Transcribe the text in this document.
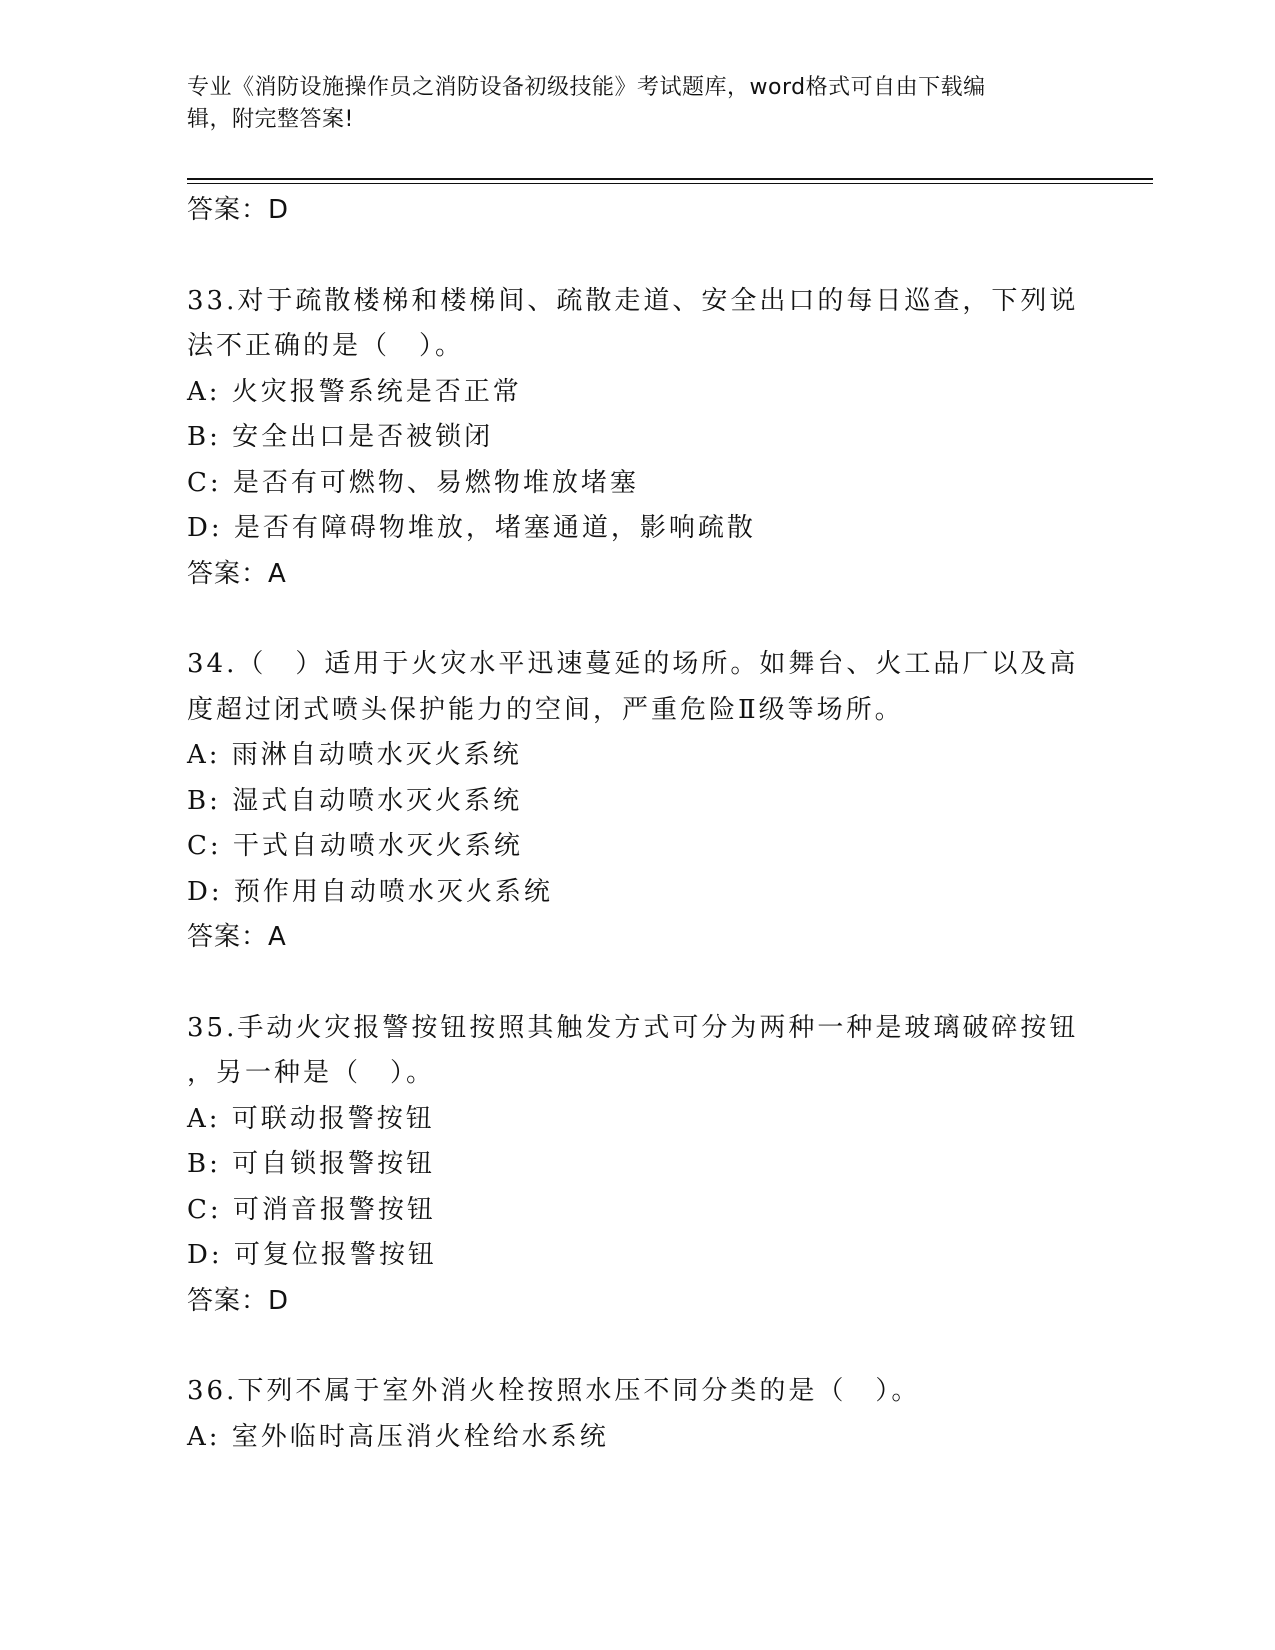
专业《消防设施操作员之消防设备初级技能》考试题库，word格式可自由下载编
辑，附完整答案!
答案：D
33.对于疏散楼梯和楼梯间、疏散走道、安全出口的每日巡查，下列说
法不正确的是（　）。
A: 火灾报警系统是否正常
B: 安全出口是否被锁闭
C: 是否有可燃物、易燃物堆放堵塞
D: 是否有障碍物堆放，堵塞通道，影响疏散
答案：A
34.（　）适用于火灾水平迅速蔓延的场所。如舞台、火工品厂以及高
度超过闭式喷头保护能力的空间，严重危险Ⅱ级等场所。
A: 雨淋自动喷水灭火系统
B: 湿式自动喷水灭火系统
C: 干式自动喷水灭火系统
D: 预作用自动喷水灭火系统
答案：A
35.手动火灾报警按钮按照其触发方式可分为两种一种是玻璃破碎按钮
，另一种是（　）。
A: 可联动报警按钮
B: 可自锁报警按钮
C: 可消音报警按钮
D: 可复位报警按钮
答案：D
36.下列不属于室外消火栓按照水压不同分类的是（　）。
A: 室外临时高压消火栓给水系统
